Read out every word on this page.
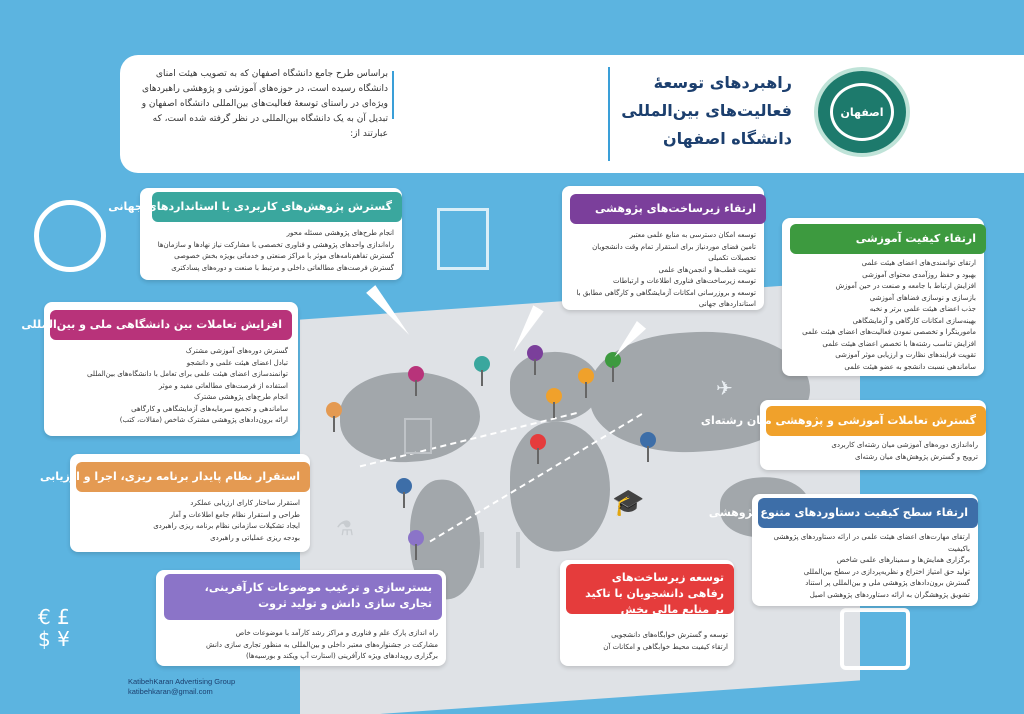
براساس طرح جامع دانشگاه اصفهان که به تصویب هیئت امنای دانشگاه رسیده است، در حوزه‌های آموزشی و پژوهشی راهبردهای ویژه‌ای در راستای توسعهٔ فعالیت‌های بین‌المللی دانشگاه اصفهان و تبدیل آن به یک دانشگاه بین‌المللی در نظر گرفته شده است، که عبارتند از:
راهبردهای توسعهٔ
فعالیت‌های بین‌المللی
دانشگاه اصفهان
اصفهان
✈
🎓
⚗
€ £
$ ¥
گسترش پژوهش‌های کاربردی با استانداردهای جهانی
انجام طرح‌های پژوهشی مسئله محور
راه‌اندازی واحدهای پژوهشی و فناوری تخصصی با مشارکت نیاز نهادها و سازمان‌ها
گسترش تفاهم‌نامه‌های موثر با مراکز صنعتی و خدماتی بویژه بخش خصوصی
گسترش فرصت‌های مطالعاتی داخلی و مرتبط با صنعت و دوره‌های پسادکتری
ارتقاء زیرساخت‌های پژوهشی
توسعه امکان دسترسی به منابع علمی معتبر
تامین فضای موردنیاز برای استقرار تمام وقت دانشجویان تحصیلات تکمیلی
تقویت قطب‌ها و انجمن‌های علمی
توسعه زیرساخت‌های فناوری اطلاعات و ارتباطات
توسعه و بروزرسانی امکانات آزمایشگاهی و کارگاهی مطابق با استانداردهای جهانی
ارتقاء کیفیت آموزشی
ارتقای توانمندی‌های اعضای هیئت علمی
بهبود و حفظ روزآمدی محتوای آموزشی
افزایش ارتباط با جامعه و صنعت در حین آموزش
بازسازی و نوسازی فضاهای آموزشی
جذب اعضای هیئت علمی برتر و نخبه
بهینه‌سازی امکانات کارگاهی و آزمایشگاهی
ماموریتگرا و تخصصی نمودن فعالیت‌های اعضای هیئت علمی
افزایش تناسب رشته‌ها با تخصص اعضای هیئت علمی
تقویت فرایندهای نظارت و ارزیابی موثر آموزشی
ساماندهی نسبت دانشجو به عضو هیئت علمی
افزایش تعاملات بین دانشگاهی ملی و بین‌المللی
گسترش دوره‌های آموزشی مشترک
تبادل اعضای هیئت علمی و دانشجو
توانمندسازی اعضای هیئت علمی برای تعامل با دانشگاه‌های بین‌المللی
استفاده از فرصت‌های مطالعاتی مفید و موثر
انجام طرح‌های پژوهشی مشترک
ساماندهی و تجمیع سرمایه‌های آزمایشگاهی و کارگاهی
ارائه برون‌دادهای پژوهشی مشترک شاخص (مقالات، کتب)	گسترش تعاملات آموزشی و پژوهشی میان رشته‌ای
راه‌اندازی دوره‌های آموزشی میان رشته‌ای کاربردی
ترویج و گسترش پژوهش‌های میان رشته‌ای
استقرار نظام پایدار برنامه ریزی، اجرا و ارزیابی
استقرار ساختار کارای ارزیابی عملکرد
طراحی و استقرار نظام جامع اطلاعات و آمار
ایجاد تشکیلات سازمانی نظام برنامه ریزی راهبردی
بودجه ریزی عملیاتی و راهبردی
ارتقاء سطح کیفیت دستاوردهای متنوع پژوهشی
ارتقای مهارت‌های اعضای هیئت علمی در ارائه دستاوردهای پژوهشی باکیفیت
برگزاری همایش‌ها و سمینارهای علمی شاخص
تولید حق امتیاز اختراع و نظریه‌پردازی در سطح بین‌المللی
گسترش برون‌دادهای پژوهشی ملی و بین‌المللی پر استناد
تشویق پژوهشگران به ارائه دستاوردهای پژوهشی اصیل
توسعه زیرساخت‌های رفاهی دانشجویان با تاکید بر منابع مالی بخش خصوصی
توسعه و گسترش خوابگاه‌های دانشجویی
ارتقاء کیفیت محیط خوابگاهی و امکانات آن
بسترسازی و ترغیب موضوعات کارآفرینی، تجاری سازی دانش و تولید ثروت
راه اندازی پارک علم و فناوری و مراکز رشد کارآمد با موضوعات خاص
مشارکت در جشنواره‌های معتبر داخلی و بین‌المللی به منظور تجاری سازی دانش
برگزاری رویدادهای ویژه کارآفرینی (استارت آپ ویکند و بورسیه‌ها)
KatibehKaran Advertising Group
katibehkaran@gmail.com
